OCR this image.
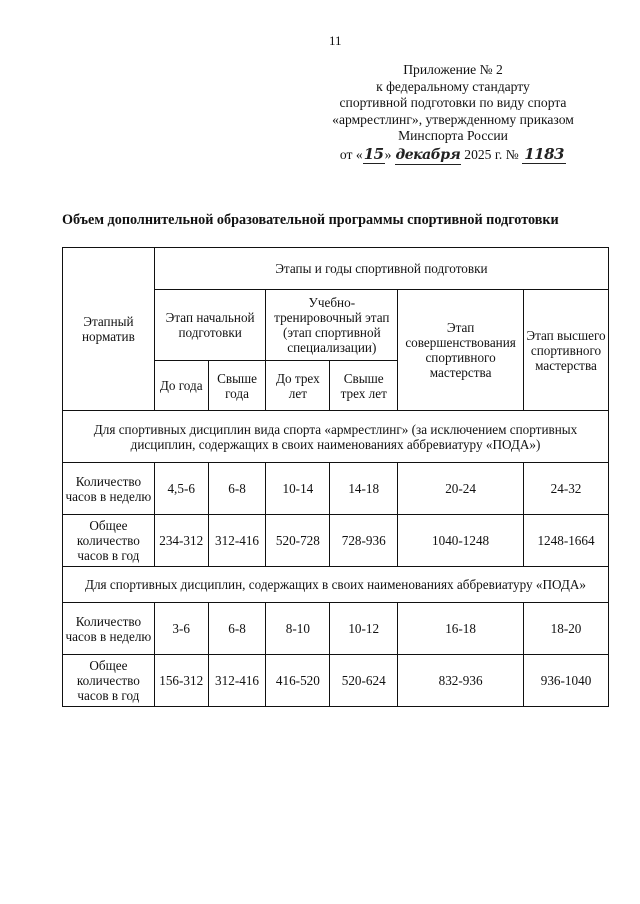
11
Приложение № 2
к федеральному стандарту
спортивной подготовки по виду спорта
«армрестлинг», утвержденному приказом
Минспорта России
от «15» декабря 2025 г. № 1183
Объем дополнительной образовательной программы спортивной подготовки
Этапный норматив	Этапы и годы спортивной подготовки					
	Этап начальной подготовки		Учебно-тренировочный этап (этап спортивной специализации)		Этап совершенствования спортивного мастерства	Этап высшего спортивного мастерства
	До года	Свыше года	До трех лет	Свыше трех лет		
Для спортивных дисциплин вида спорта «армрестлинг» (за исключением спортивных дисциплин, содержащих в своих наименованиях аббревиатуру «ПОДА»)						
Количество часов в неделю	4,5-6	6-8	10-14	14-18	20-24	24-32
Общее количество часов в год	234-312	312-416	520-728	728-936	1040-1248	1248-1664
Для спортивных дисциплин, содержащих в своих наименованиях аббревиатуру «ПОДА»						
Количество часов в неделю	3-6	6-8	8-10	10-12	16-18	18-20
Общее количество часов в год	156-312	312-416	416-520	520-624	832-936	936-1040
